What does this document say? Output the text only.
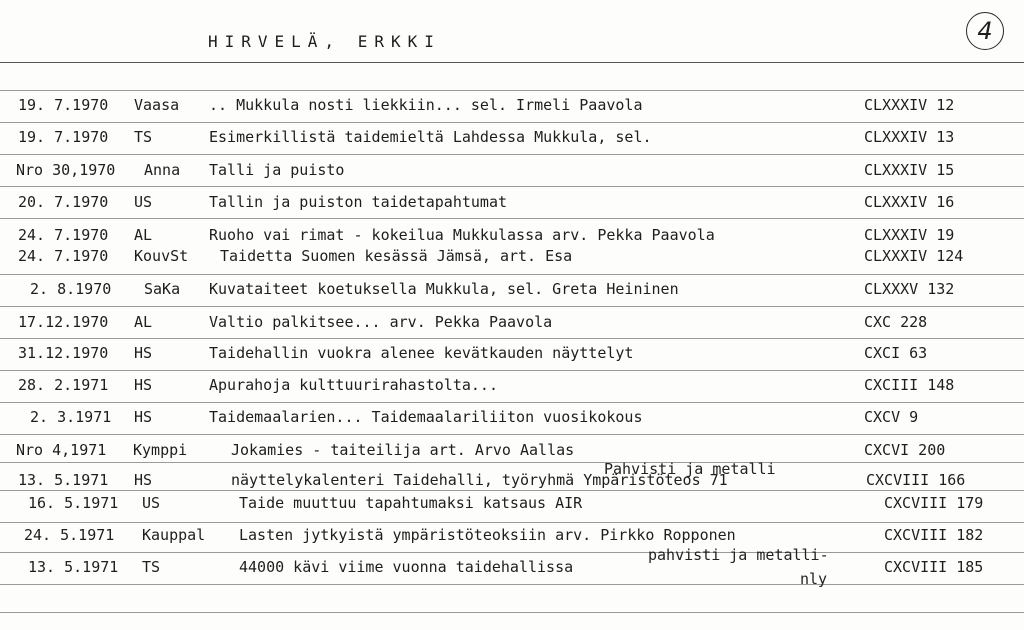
HIRVELÄ, ERKKI	4
19. 7.1970 Vaasa .. Mukkula nosti liekkiin... sel. Irmeli Paavola	CLXXXIV 12
19. 7.1970 TS	Esimerkillistä taidemieltä Lahdessa Mukkula, sel.	CLXXXIV 13
Nro 30,1970 Anna Talli ja puisto	CLXXXIV 15
20. 7.1970 US	Tallin ja puiston taidetapahtumat	CLXXXIV 16
24. 7.1970 AL	Ruoho vai rimat - kokeilua Mukkulassa arv. Pekka Paavola	CLXXXIV 19
24. 7.1970 KouvSt Taidetta Suomen kesässä Jämsä, art. Esa	CLXXXIV 124
2. 8.1970 SaKa Kuvataiteet koetuksella Mukkula, sel. Greta Heininen	CLXXXV 132
17.12.1970 AL	Valtio palkitsee... arv. Pekka Paavola	CXC 228
31.12.1970 HS	Taidehallin vuokra alenee kevätkauden näyttelyt	CXCI 63
28. 2.1971 HS	Apurahoja kulttuurirahastolta...	CXCIII 148
2. 3.1971 HS	Taidemaalarien... Taidemaalariliiton vuosikokous	CXCV 9
Nro 4,1971 Kymppi	Jokamies - taiteilija art. Arvo Aallas	CXCVI 200
13. 5.1971 HS	näyttelykalenteri Taidehalli, työryhmä Ympäristöteos 71	CXCVIII 166
Pahvisti ja metalli
16. 5.1971 US	Taide muuttuu tapahtumaksi katsaus AIR	CXCVIII 179
24. 5.1971 Kauppal Lasten jytkyistä ympäristöteoksiin arv. Pirkko Ropponen	CXCVIII 182
pahvisti ja metalli-
13. 5.1971 TS	44000 kävi viime vuonna taidehallissa	CXCVIII 185
nly
